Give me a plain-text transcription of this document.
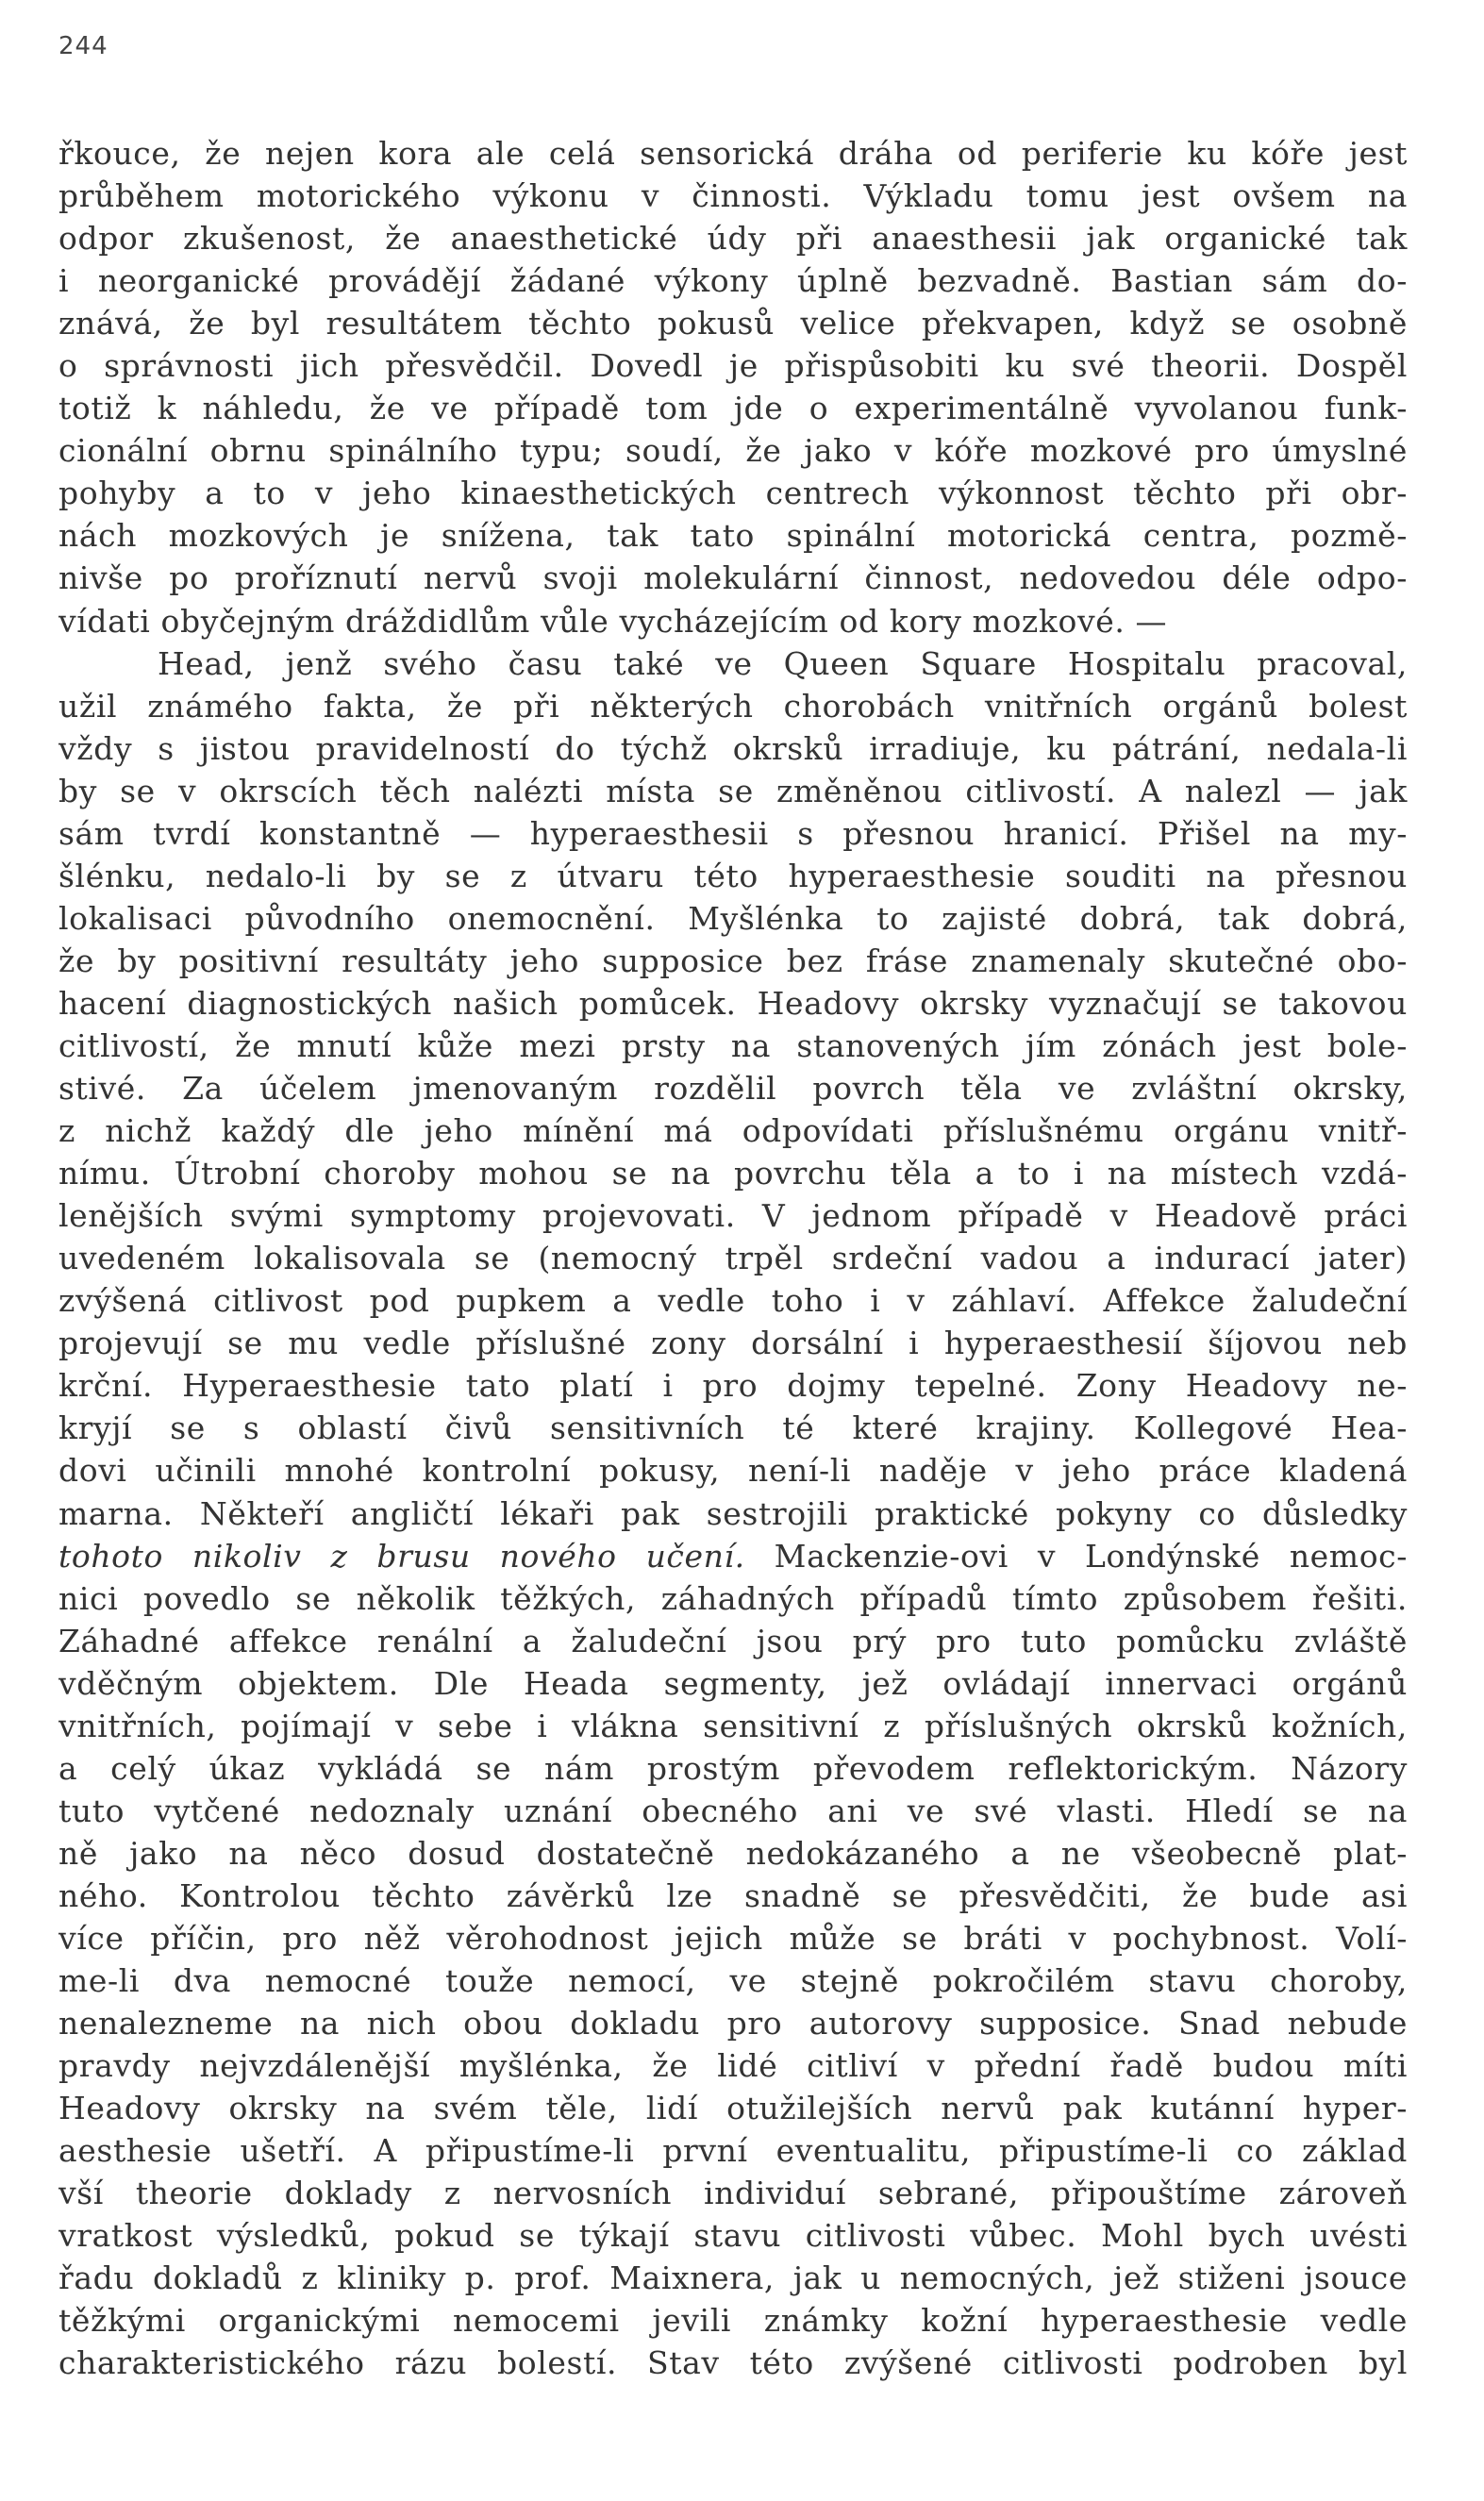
244
řkouce, že nejen kora ale celá sensorická dráha od periferie ku kóře jest
průběhem motorického výkonu v činnosti. Výkladu tomu jest ovšem na
odpor zkušenost, že anaesthetické údy při anaesthesii jak organické tak
i neorganické provádějí žádané výkony úplně bezvadně. Bastian sám do-
znává, že byl resultátem těchto pokusů velice překvapen, když se osobně
o správnosti jich přesvědčil. Dovedl je přispůsobiti ku své theorii. Dospěl
totiž k náhledu, že ve případě tom jde o experimentálně vyvolanou funk-
cionální obrnu spinálního typu; soudí, že jako v kóře mozkové pro úmyslné
pohyby a to v jeho kinaesthetických centrech výkonnost těchto při obr-
nách mozkových je snížena, tak tato spinální motorická centra, pozmě-
nivše po proříznutí nervů svoji molekulární činnost, nedovedou déle odpo-
vídati obyčejným dráždidlům vůle vycházejícím od kory mozkové. —
Head, jenž svého času také ve Queen Square Hospitalu pracoval,
užil známého fakta, že při některých chorobách vnitřních orgánů bolest
vždy s jistou pravidelností do týchž okrsků irradiuje, ku pátrání, nedala-li
by se v okrscích těch nalézti místa se změněnou citlivostí. A nalezl — jak
sám tvrdí konstantně — hyperaesthesii s přesnou hranicí. Přišel na my-
šlénku, nedalo-li by se z útvaru této hyperaesthesie souditi na přesnou
lokalisaci původního onemocnění. Myšlénka to zajisté dobrá, tak dobrá,
že by positivní resultáty jeho supposice bez fráse znamenaly skutečné obo-
hacení diagnostických našich pomůcek. Headovy okrsky vyznačují se takovou
citlivostí, že mnutí kůže mezi prsty na stanovených jím zónách jest bole-
stivé. Za účelem jmenovaným rozdělil povrch těla ve zvláštní okrsky,
z nichž každý dle jeho mínění má odpovídati příslušnému orgánu vnitř-
nímu. Útrobní choroby mohou se na povrchu těla a to i na místech vzdá-
lenějších svými symptomy projevovati. V jednom případě v Headově práci
uvedeném lokalisovala se (nemocný trpěl srdeční vadou a indurací jater)
zvýšená citlivost pod pupkem a vedle toho i v záhlaví. Affekce žaludeční
projevují se mu vedle příslušné zony dorsální i hyperaesthesií šíjovou neb
krční. Hyperaesthesie tato platí i pro dojmy tepelné. Zony Headovy ne-
kryjí se s oblastí čivů sensitivních té které krajiny. Kollegové Hea-
dovi učinili mnohé kontrolní pokusy, není-li naděje v jeho práce kladená
marna. Někteří angličtí lékaři pak sestrojili praktické pokyny co důsledky
tohoto nikoliv z brusu nového učení. Mackenzie-ovi v Londýnské nemoc-
nici povedlo se několik těžkých, záhadných případů tímto způsobem řešiti.
Záhadné affekce renální a žaludeční jsou prý pro tuto pomůcku zvláště
vděčným objektem. Dle Heada segmenty, jež ovládají innervaci orgánů
vnitřních, pojímají v sebe i vlákna sensitivní z příslušných okrsků kožních,
a celý úkaz vykládá se nám prostým převodem reflektorickým. Názory
tuto vytčené nedoznaly uznání obecného ani ve své vlasti. Hledí se na
ně jako na něco dosud dostatečně nedokázaného a ne všeobecně plat-
ného. Kontrolou těchto závěrků lze snadně se přesvědčiti, že bude asi
více příčin, pro něž věrohodnost jejich může se bráti v pochybnost. Volí-
me-li dva nemocné touže nemocí, ve stejně pokročilém stavu choroby,
nenalezneme na nich obou dokladu pro autorovy supposice. Snad nebude
pravdy nejvzdálenější myšlénka, že lidé citliví v přední řadě budou míti
Headovy okrsky na svém těle, lidí otužilejších nervů pak kutánní hyper-
aesthesie ušetří. A připustíme-li první eventualitu, připustíme-li co základ
vší theorie doklady z nervosních individuí sebrané, připouštíme zároveň
vratkost výsledků, pokud se týkají stavu citlivosti vůbec. Mohl bych uvésti
řadu dokladů z kliniky p. prof. Maixnera, jak u nemocných, jež stiženi jsouce
těžkými organickými nemocemi jevili známky kožní hyperaesthesie vedle
charakteristického rázu bolestí. Stav této zvýšené citlivosti podroben byl
